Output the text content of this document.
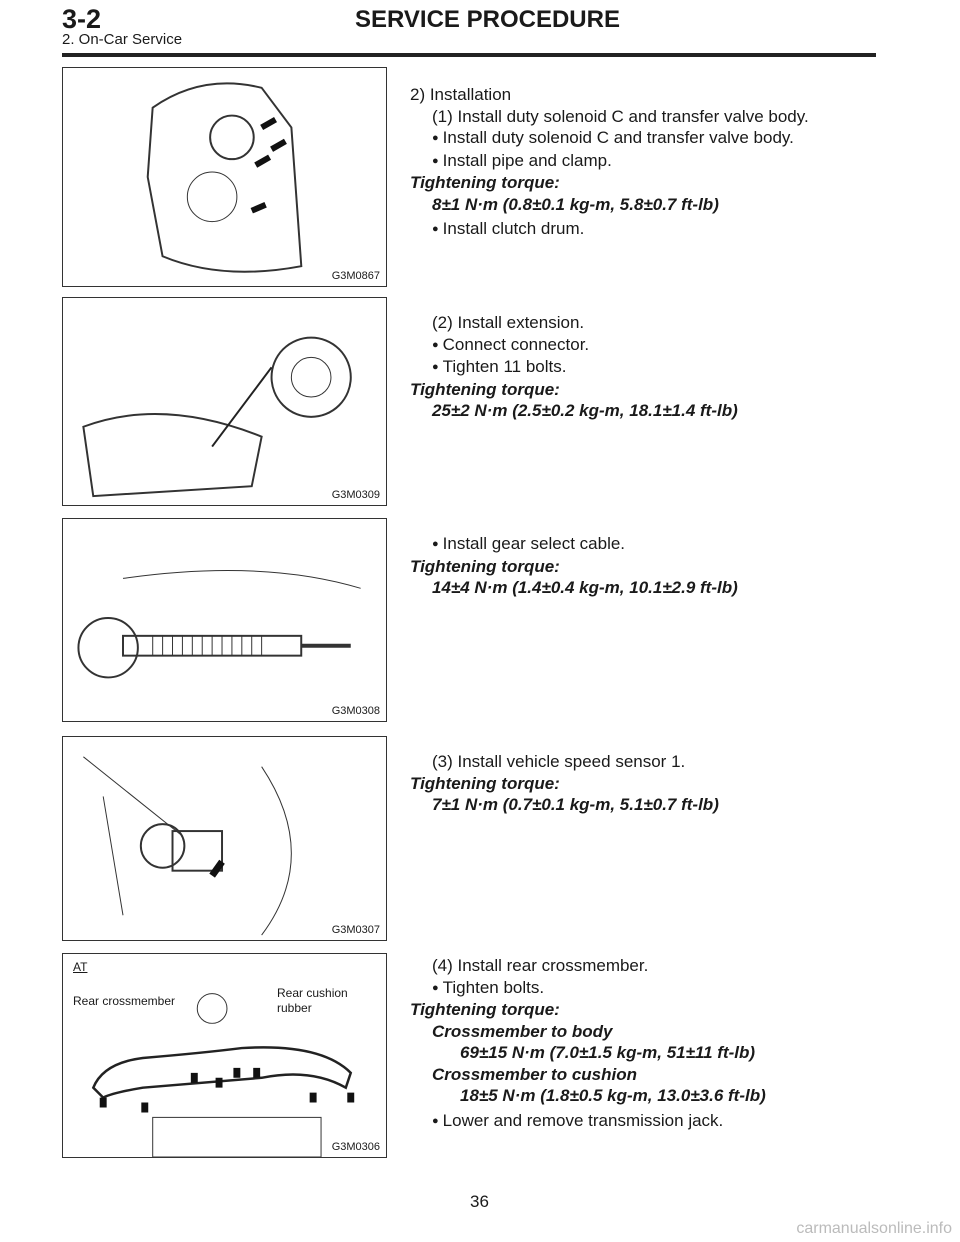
3-2	SERVICE PROCEDURE
2. On-Car Service
G3M0867
G3M0309
G3M0308
G3M0307
AT
Rear crossmember
Rear cushion
rubber
G3M0306
2) Installation
(1) Install duty solenoid C and transfer valve body.
● Install duty solenoid C and transfer valve body.
● Install pipe and clamp.
Tightening torque:
8±1 N·m (0.8±0.1 kg-m, 5.8±0.7 ft-lb)
● Install clutch drum.
(2) Install extension.
● Connect connector.
● Tighten 11 bolts.
Tightening torque:
25±2 N·m (2.5±0.2 kg-m, 18.1±1.4 ft-lb)
● Install gear select cable.
Tightening torque:
14±4 N·m (1.4±0.4 kg-m, 10.1±2.9 ft-lb)
(3) Install vehicle speed sensor 1.
Tightening torque:
7±1 N·m (0.7±0.1 kg-m, 5.1±0.7 ft-lb)
(4) Install rear crossmember.
● Tighten bolts.
Tightening torque:
Crossmember to body
69±15 N·m (7.0±1.5 kg-m, 51±11 ft-lb)
Crossmember to cushion
18±5 N·m (1.8±0.5 kg-m, 13.0±3.6 ft-lb)
● Lower and remove transmission jack.
36
carmanualsonline.info
